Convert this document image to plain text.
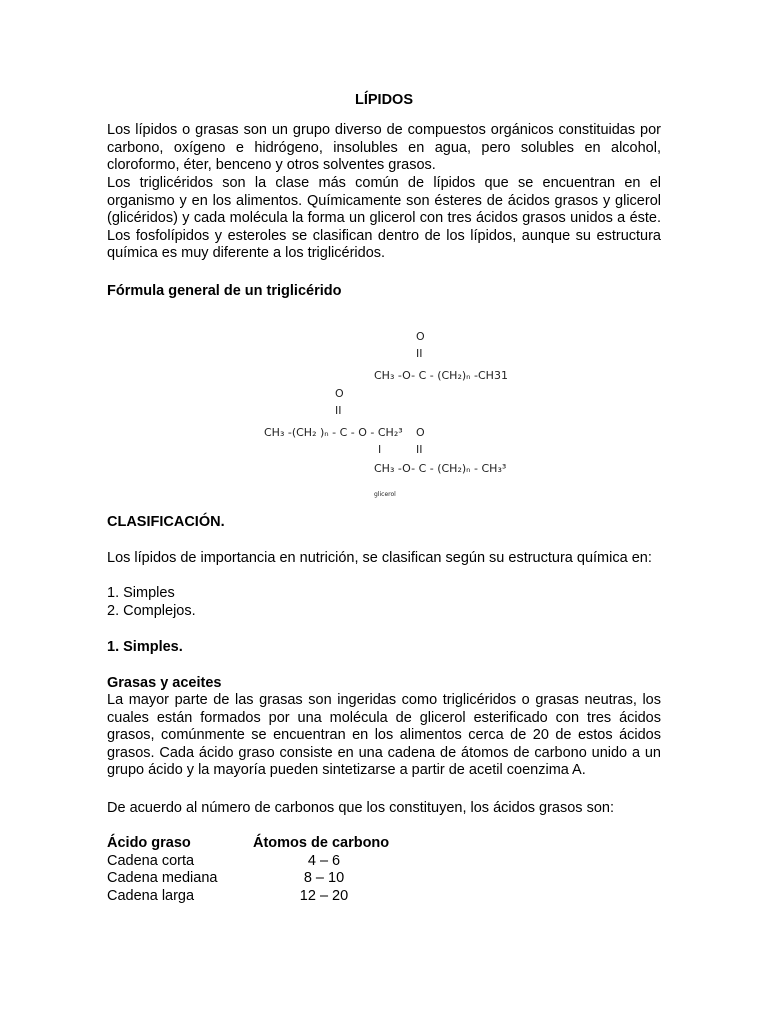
O
II
CH₃ -O- C - (CH₂)ₙ -CH31
O
II
CH₃ -(CH₂ )ₙ - C - O - CH₂³ O
I	II
CH₃ -O- C - (CH₂)ₙ - CH₃³
glicerol
LÍPIDOS

Los lípidos o grasas son un grupo diverso de compuestos orgánicos constituidas por carbono, oxígeno e hidrógeno, insolubles en agua, pero solubles en alcohol, cloroformo, éter, benceno y otros solventes grasos.

Los triglicéridos son la clase más común de lípidos que se encuentran en el organismo y en los alimentos. Químicamente son ésteres de ácidos grasos y glicerol (glicéridos) y cada molécula la forma un glicerol con tres ácidos grasos unidos a éste. Los fosfolípidos y esteroles se clasifican dentro de los lípidos, aunque su estructura química es muy diferente a los triglicéridos.

Fórmula general de un triglicérido
CLASIFICACIÓN.

Los lípidos de importancia en nutrición, se clasifican según su estructura química en:

1. Simples
2. Complejos.
1. Simples.
Grasas y aceites

La mayor parte de las grasas son ingeridas como triglicéridos o grasas neutras, los cuales están formados por una molécula de glicerol esterificado con tres ácidos grasos, comúnmente se encuentran en los alimentos cerca de 20 de estos ácidos grasos. Cada ácido graso consiste en una cadena de átomos de carbono unido a un grupo ácido y la mayoría pueden sintetizarse a partir de acetil coenzima A.

De acuerdo al número de carbonos que los constituyen, los ácidos grasos son:
Ácido graso	Átomos de carbono
Cadena corta	4 – 6
Cadena mediana	8 – 10
Cadena larga	12 – 20
